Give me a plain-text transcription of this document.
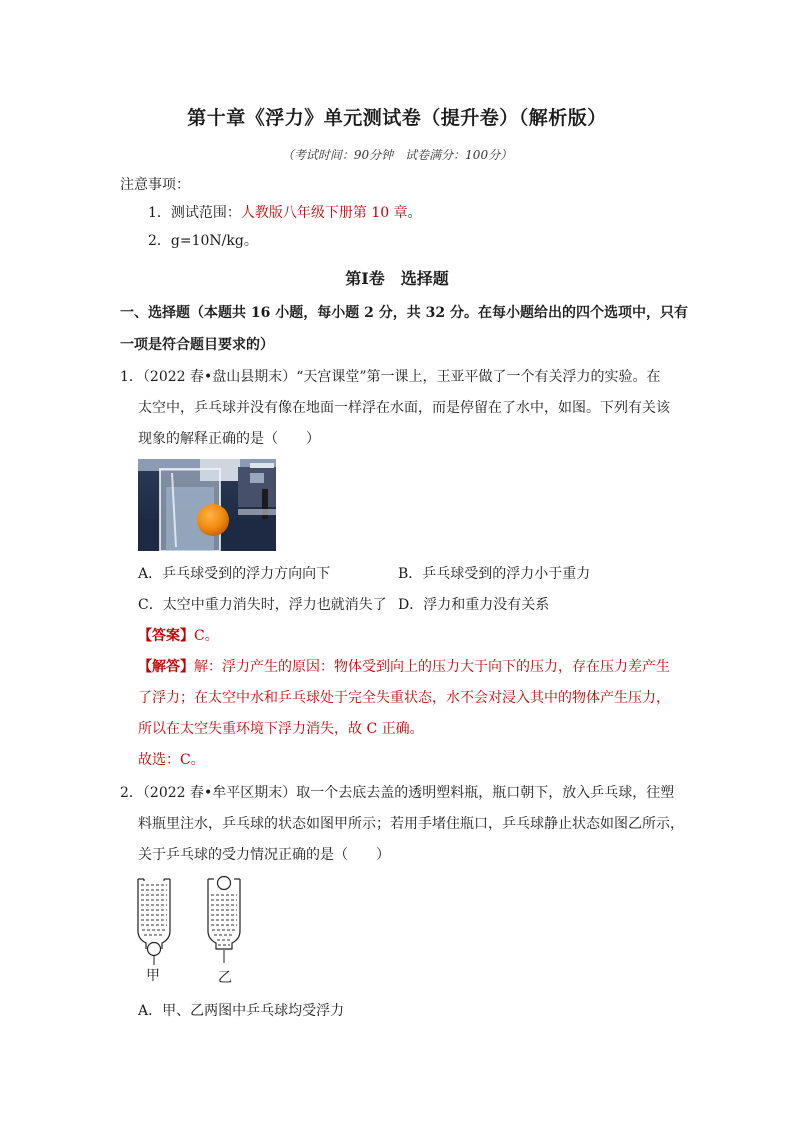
第十章《浮力》单元测试卷（提升卷）（解析版）
（考试时间：90分钟　试卷满分：100分）
注意事项：
1．测试范围：人教版八年级下册第 10 章。
2．g=10N/kg。
第Ⅰ卷　选择题
一、选择题（本题共 16 小题，每小题 2 分，共 32 分。在每小题给出的四个选项中，只有
一项是符合题目要求的）
1．（2022 春•盘山县期末）“天宫课堂”第一课上，王亚平做了一个有关浮力的实验。在
太空中，乒乓球并没有像在地面一样浮在水面，而是停留在了水中，如图。下列有关该
现象的解释正确的是（　　）
A．乒乓球受到的浮力方向向下	B．乒乓球受到的浮力小于重力
C．太空中重力消失时，浮力也就消失了 D．浮力和重力没有关系
【答案】C。
【解答】解：浮力产生的原因：物体受到向上的压力大于向下的压力，存在压力差产生
了浮力；在太空中水和乒乓球处于完全失重状态，水不会对浸入其中的物体产生压力，
所以在太空失重环境下浮力消失，故 C 正确。
故选：C。
2．（2022 春•牟平区期末）取一个去底去盖的透明塑料瓶，瓶口朝下，放入乒乓球，往塑
料瓶里注水，乒乓球的状态如图甲所示；若用手堵住瓶口，乒乓球静止状态如图乙所示，
关于乒乓球的受力情况正确的是（　　）
甲	乙
A．甲、乙两图中乒乓球均受浮力
